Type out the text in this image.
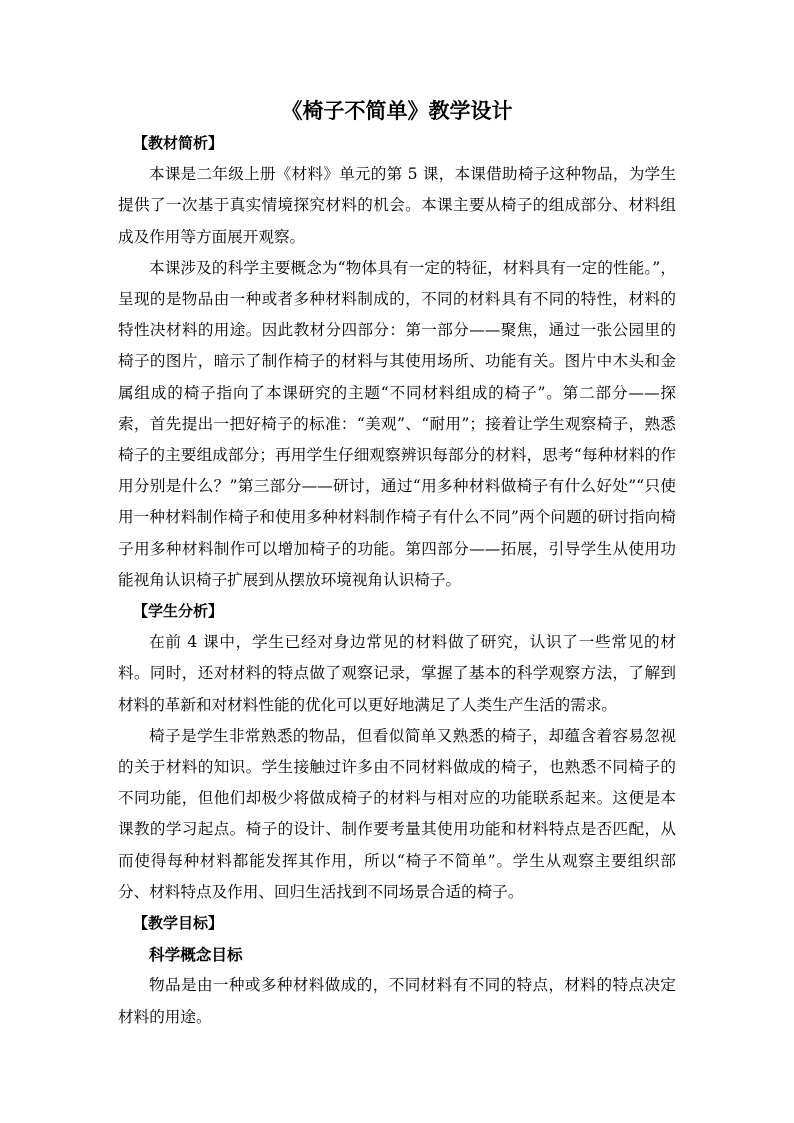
《椅子不简单》教学设计
【教材简析】

本课是二年级上册《材料》单元的第 5 课，本课借助椅子这种物品，为学生提供了一次基于真实情境探究材料的机会。本课主要从椅子的组成部分、材料组成及作用等方面展开观察。

本课涉及的科学主要概念为“物体具有一定的特征，材料具有一定的性能。”，呈现的是物品由一种或者多种材料制成的，不同的材料具有不同的特性，材料的特性决材料的用途。因此教材分四部分：第一部分——聚焦，通过一张公园里的椅子的图片，暗示了制作椅子的材料与其使用场所、功能有关。图片中木头和金属组成的椅子指向了本课研究的主题“不同材料组成的椅子”。第二部分——探索，首先提出一把好椅子的标准：“美观”、“耐用”；接着让学生观察椅子，熟悉椅子的主要组成部分；再用学生仔细观察辨识每部分的材料，思考“每种材料的作用分别是什么？”第三部分——研讨，通过“用多种材料做椅子有什么好处”“只使用一种材料制作椅子和使用多种材料制作椅子有什么不同”两个问题的研讨指向椅子用多种材料制作可以增加椅子的功能。第四部分——拓展，引导学生从使用功能视角认识椅子扩展到从摆放环境视角认识椅子。

【学生分析】

在前 4 课中，学生已经对身边常见的材料做了研究，认识了一些常见的材料。同时，还对材料的特点做了观察记录，掌握了基本的科学观察方法，了解到材料的革新和对材料性能的优化可以更好地满足了人类生产生活的需求。

椅子是学生非常熟悉的物品，但看似简单又熟悉的椅子，却蕴含着容易忽视的关于材料的知识。学生接触过许多由不同材料做成的椅子，也熟悉不同椅子的不同功能，但他们却极少将做成椅子的材料与相对应的功能联系起来。这便是本课教的学习起点。椅子的设计、制作要考量其使用功能和材料特点是否匹配，从而使得每种材料都能发挥其作用，所以“椅子不简单”。学生从观察主要组织部分、材料特点及作用、回归生活找到不同场景合适的椅子。

【教学目标】
科学概念目标

物品是由一种或多种材料做成的，不同材料有不同的特点，材料的特点决定材料的用途。
